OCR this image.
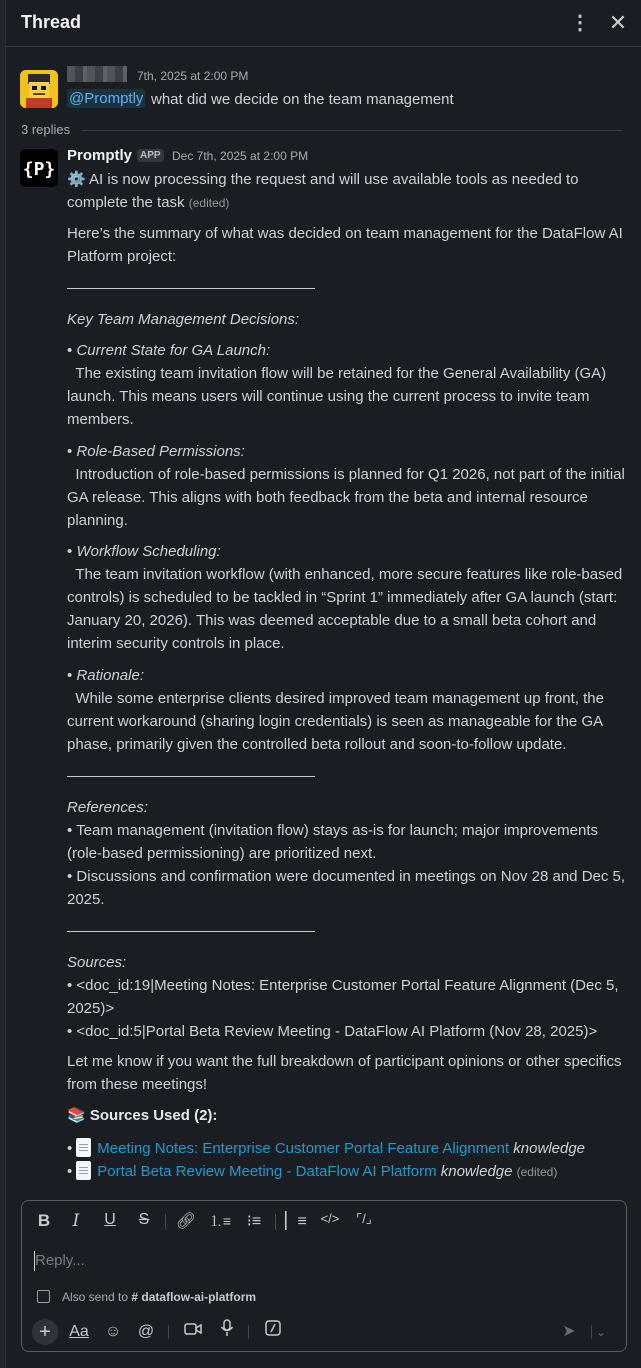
Thread	⋮ ✕
7th, 2025 at 2:00 PM
@Promptly what did we decide on the team management
3 replies
{P}
Promptly APP Dec 7th, 2025 at 2:00 PM
⚙️ AI is now processing the request and will use available tools as needed to complete the task (edited)
Here’s the summary of what was decided on team management for the DataFlow AI Platform project:
Key Team Management Decisions:
• Current State for GA Launch:
The existing team invitation flow will be retained for the General Availability (GA) launch. This means users will continue using the current process to invite team members.
• Role-Based Permissions:
Introduction of role-based permissions is planned for Q1 2026, not part of the initial GA release. This aligns with both feedback from the beta and internal resource planning.
• Workflow Scheduling:
The team invitation workflow (with enhanced, more secure features like role-based controls) is scheduled to be tackled in “Sprint 1” immediately after GA launch (start: January 20, 2026). This was deemed acceptable due to a small beta cohort and interim security controls in place.
• Rationale:
While some enterprise clients desired improved team management up front, the current workaround (sharing login credentials) is seen as manageable for the GA phase, primarily given the controlled beta rollout and soon-to-follow update.
References:
• Team management (invitation flow) stays as-is for launch; major improvements (role-based permissioning) are prioritized next.
• Discussions and confirmation were documented in meetings on Nov 28 and Dec 5, 2025.
Sources:
• <doc_id:19|Meeting Notes: Enterprise Customer Portal Feature Alignment (Dec 5, 2025)>
• <doc_id:5|Portal Beta Review Meeting - DataFlow AI Platform (Nov 28, 2025)>
Let me know if you want the full breakdown of participant opinions or other specifics from these meetings!
📚 Sources Used (2):
• Meeting Notes: Enterprise Customer Portal Feature Alignment knowledge
• Portal Beta Review Meeting - DataFlow AI Platform knowledge (edited)
B	I	U	S	🔗︎ ⒈≡ ⁝≡ ▏≡ </>	⌜/⌟
Reply...
Also send to # dataflow-ai-platform
+	Aa	☺	@	➤	⌄
